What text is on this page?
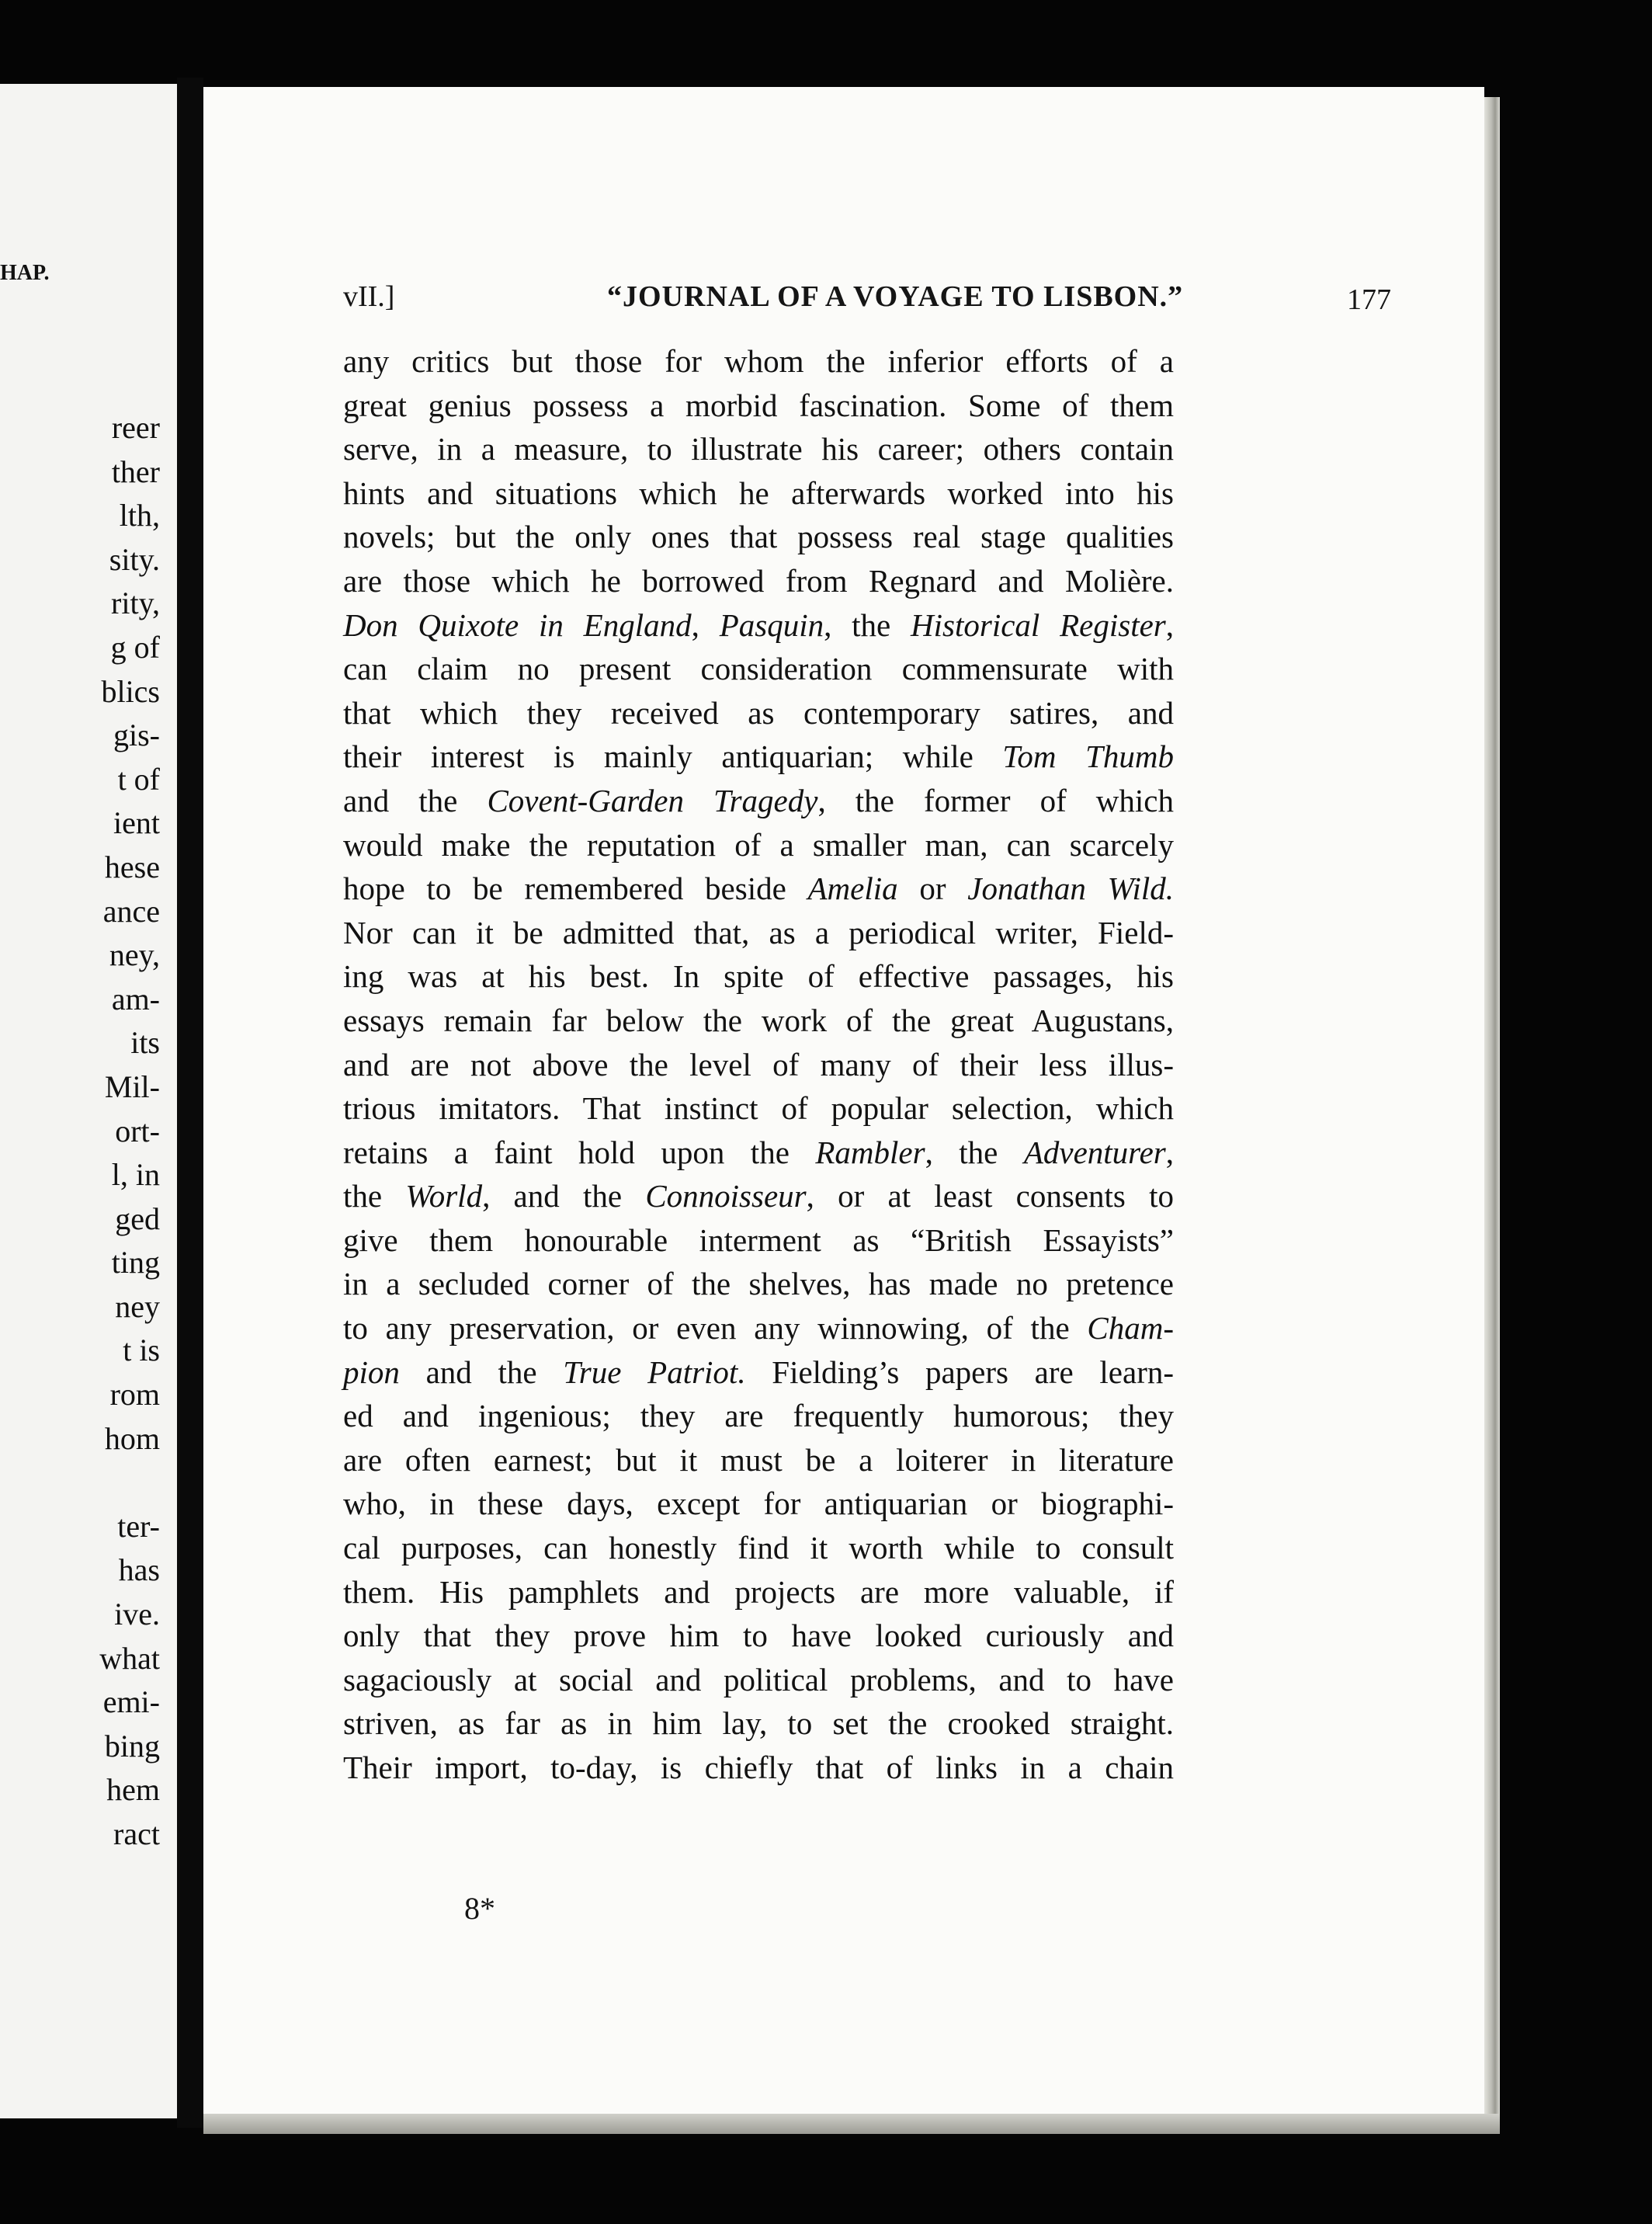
HAP.
reer
ther
lth,
sity.
rity,
g of
blics
gis-
t of
ient
hese
ance
ney,
am-
its
Mil-
ort-
l, in
ged
ting
ney
t is
rom
hom
ter-
has
ive.
what
emi-
bing
hem
ract
vII.]	“JOURNAL OF A VOYAGE TO LISBON.”	177
any critics but those for whom the inferior efforts of a
great genius possess a morbid fascination. Some of them
serve, in a measure, to illustrate his career; others contain
hints and situations which he afterwards worked into his
novels; but the only ones that possess real stage qualities
are those which he borrowed from Regnard and Molière.
Don Quixote in England, Pasquin, the Historical Register,
can claim no present consideration commensurate with
that which they received as contemporary satires, and
their interest is mainly antiquarian; while Tom Thumb
and the Covent-Garden Tragedy, the former of which
would make the reputation of a smaller man, can scarcely
hope to be remembered beside Amelia or Jonathan Wild.
Nor can it be admitted that, as a periodical writer, Field-
ing was at his best. In spite of effective passages, his
essays remain far below the work of the great Augustans,
and are not above the level of many of their less illus-
trious imitators. That instinct of popular selection, which
retains a faint hold upon the Rambler, the Adventurer,
the World, and the Connoisseur, or at least consents to
give them honourable interment as “British Essayists”
in a secluded corner of the shelves, has made no pretence
to any preservation, or even any winnowing, of the Cham-
pion and the True Patriot. Fielding’s papers are learn-
ed and ingenious; they are frequently humorous; they
are often earnest; but it must be a loiterer in literature
who, in these days, except for antiquarian or biographi-
cal purposes, can honestly find it worth while to consult
them. His pamphlets and projects are more valuable, if
only that they prove him to have looked curiously and
sagaciously at social and political problems, and to have
striven, as far as in him lay, to set the crooked straight.
Their import, to-day, is chiefly that of links in a chain
8*
